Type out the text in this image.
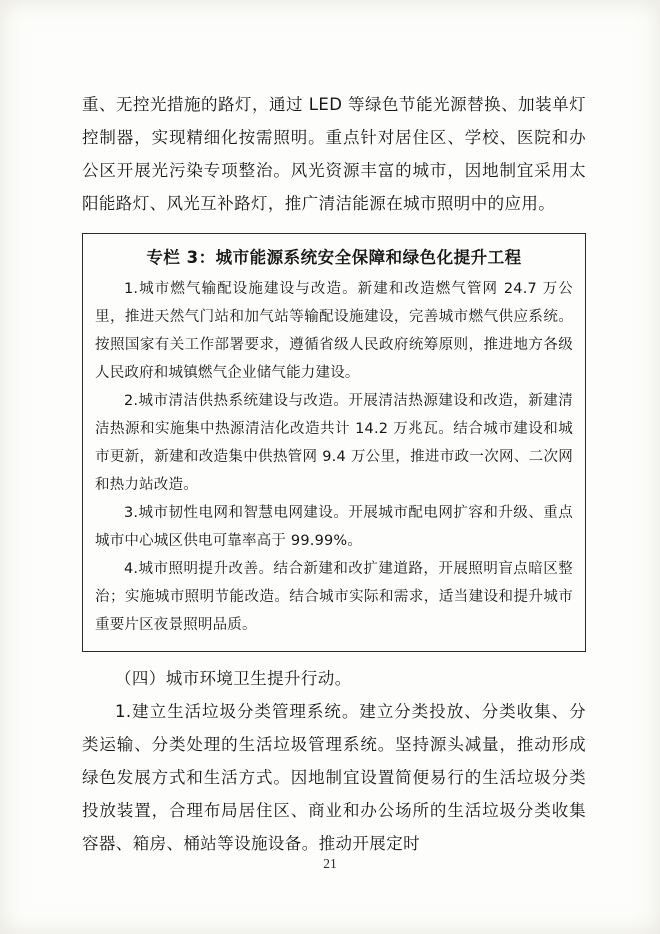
重、无控光措施的路灯，通过 LED 等绿色节能光源替换、加装单灯控制器，实现精细化按需照明。重点针对居住区、学校、医院和办公区开展光污染专项整治。风光资源丰富的城市，因地制宜采用太阳能路灯、风光互补路灯，推广清洁能源在城市照明中的应用。

专栏 3：城市能源系统安全保障和绿色化提升工程

1.城市燃气输配设施建设与改造。新建和改造燃气管网 24.7 万公里，推进天然气门站和加气站等输配设施建设，完善城市燃气供应系统。按照国家有关工作部署要求，遵循省级人民政府统筹原则，推进地方各级人民政府和城镇燃气企业储气能力建设。

2.城市清洁供热系统建设与改造。开展清洁热源建设和改造，新建清洁热源和实施集中热源清洁化改造共计 14.2 万兆瓦。结合城市建设和城市更新，新建和改造集中供热管网 9.4 万公里，推进市政一次网、二次网和热力站改造。

3.城市韧性电网和智慧电网建设。开展城市配电网扩容和升级、重点城市中心城区供电可靠率高于 99.99%。

4.城市照明提升改善。结合新建和改扩建道路，开展照明盲点暗区整治；实施城市照明节能改造。结合城市实际和需求，适当建设和提升城市重要片区夜景照明品质。

（四）城市环境卫生提升行动。

1.建立生活垃圾分类管理系统。建立分类投放、分类收集、分类运输、分类处理的生活垃圾管理系统。坚持源头减量，推动形成绿色发展方式和生活方式。因地制宜设置简便易行的生活垃圾分类投放装置，合理布局居住区、商业和办公场所的生活垃圾分类收集容器、箱房、桶站等设施设备。推动开展定时

21
